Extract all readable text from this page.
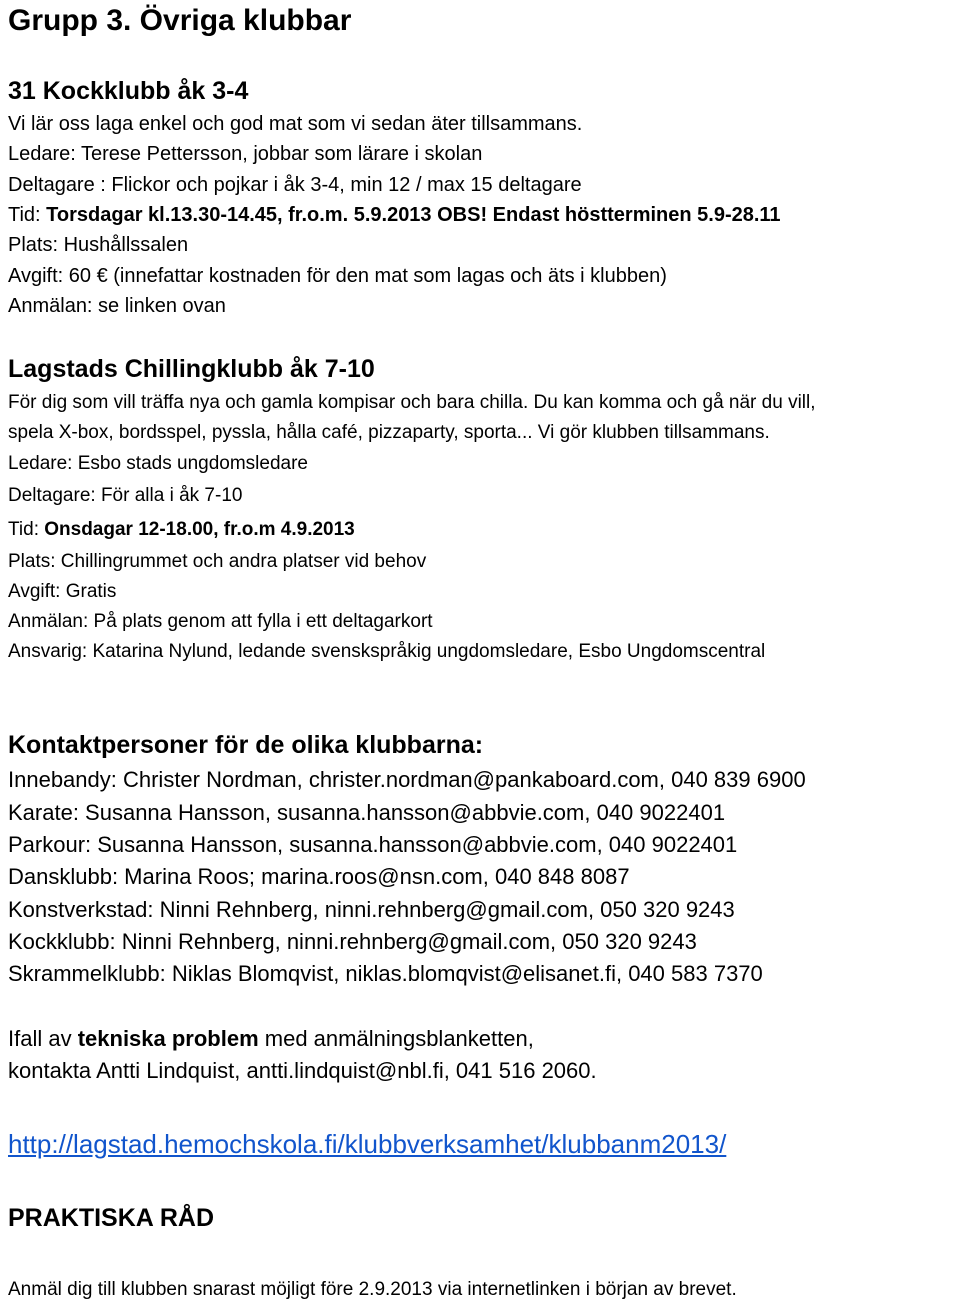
Grupp 3. Övriga klubbar
31 Kockklubb åk 3-4

Vi lär oss laga enkel och god mat som vi sedan äter tillsammans.

Ledare: Terese Pettersson, jobbar som lärare i skolan

Deltagare : Flickor och pojkar i åk 3-4, min 12 / max 15 deltagare

Tid: Torsdagar kl.13.30-14.45, fr.o.m. 5.9.2013 OBS! Endast höstterminen 5.9-28.11

Plats: Hushållssalen

Avgift: 60 € (innefattar kostnaden för den mat som lagas och äts i klubben)

Anmälan: se linken ovan

Lagstads Chillingklubb åk 7-10

För dig som vill träffa nya och gamla kompisar och bara chilla. Du kan komma och gå när du vill,

spela X-box, bordsspel, pyssla, hålla café, pizzaparty, sporta... Vi gör klubben tillsammans.

Ledare: Esbo stads ungdomsledare

Deltagare: För alla i åk 7-10

Tid: Onsdagar 12-18.00, fr.o.m 4.9.2013

Plats: Chillingrummet och andra platser vid behov

Avgift: Gratis

Anmälan: På plats genom att fylla i ett deltagarkort

Ansvarig: Katarina Nylund, ledande svenskspråkig ungdomsledare, Esbo Ungdomscentral

Kontaktpersoner för de olika klubbarna:

Innebandy: Christer Nordman, christer.nordman@pankaboard.com, 040 839 6900

Karate: Susanna Hansson, susanna.hansson@abbvie.com, 040 9022401

Parkour: Susanna Hansson, susanna.hansson@abbvie.com, 040 9022401

Dansklubb: Marina Roos; marina.roos@nsn.com, 040 848 8087

Konstverkstad: Ninni Rehnberg, ninni.rehnberg@gmail.com, 050 320 9243

Kockklubb: Ninni Rehnberg, ninni.rehnberg@gmail.com, 050 320 9243

Skrammelklubb: Niklas Blomqvist, niklas.blomqvist@elisanet.fi, 040 583 7370

Ifall av tekniska problem med anmälningsblanketten,

kontakta Antti Lindquist, antti.lindquist@nbl.fi, 041 516 2060.

http://lagstad.hemochskola.fi/klubbverksamhet/klubbanm2013/
PRAKTISKA RÅD

Anmäl dig till klubben snarast möjligt före 2.9.2013 via internetlinken i början av brevet.
